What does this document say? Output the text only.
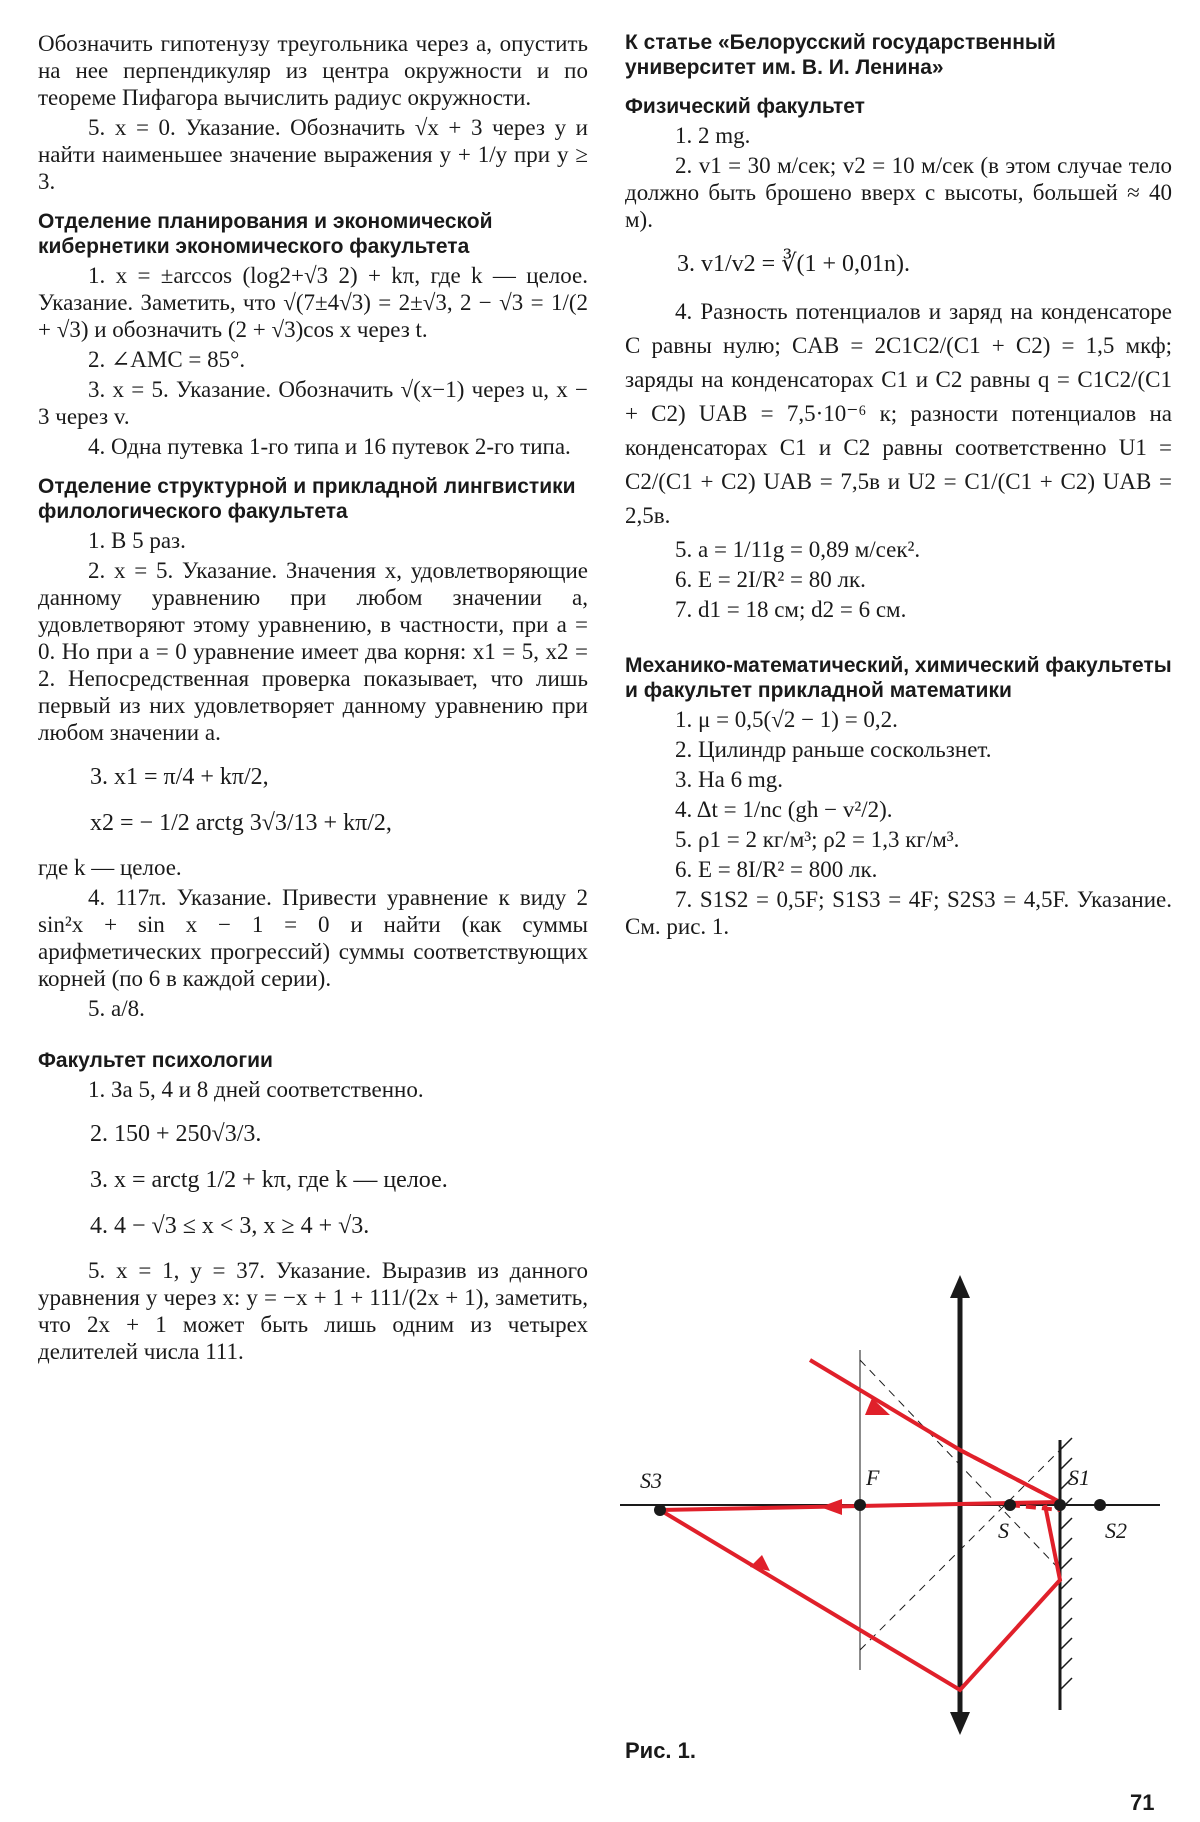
Обозначить гипотенузу треугольника через a, опустить на нее перпендикуляр из центра окружности и по теореме Пифагора вычислить радиус окружности.

5. x = 0. Указание. Обозначить √x + 3 через y и найти наименьшее значение выражения y + 1/y при y ≥ 3.

Отделение планирования и экономической кибернетики экономического факультета

1. x = ±arccos (log2+√3 2) + kπ, где k — целое. Указание. Заметить, что √(7±4√3) = 2±√3, 2 − √3 = 1/(2 + √3) и обозначить (2 + √3)cos x через t.

2. ∠AMC = 85°.

3. x = 5. Указание. Обозначить √(x−1) через u, x − 3 через v.

4. Одна путевка 1-го типа и 16 путевок 2-го типа.

Отделение структурной и прикладной лингвистики филологического факультета

1. В 5 раз.

2. x = 5. Указание. Значения x, удовлетворяющие данному уравнению при любом значении a, удовлетворяют этому уравнению, в частности, при a = 0. Но при a = 0 уравнение имеет два корня: x1 = 5, x2 = 2. Непосредственная проверка показывает, что лишь первый из них удовлетворяет данному уравнению при любом значении a.

3. x1 = π/4 + kπ/2,
x2 = − 1/2 arctg 3√3/13 + kπ/2,

где k — целое.

4. 117π. Указание. Привести уравнение к виду 2 sin²x + sin x − 1 = 0 и найти (как суммы арифметических прогрессий) суммы соответствующих корней (по 6 в каждой серии).

5. a/8.

Факультет психологии

1. За 5, 4 и 8 дней соответственно.

2. 150 + 250√3/3.
3. x = arctg 1/2 + kπ, где k — целое.
4. 4 − √3 ≤ x < 3, x ≥ 4 + √3.

5. x = 1, y = 37. Указание. Выразив из данного уравнения y через x: y = −x + 1 + 111/(2x + 1), заметить, что 2x + 1 может быть лишь одним из четырех делителей числа 111.

К статье «Белорусский государственный университет им. В. И. Ленина»
Физический факультет

1. 2 mg.

2. v1 = 30 м/сек; v2 = 10 м/сек (в этом случае тело должно быть брошено вверх с высоты, большей ≈ 40 м).

3. v1/v2 = ∛(1 + 0,01n).

4. Разность потенциалов и заряд на конденсаторе C равны нулю; CAB = 2C1C2/(C1 + C2) = 1,5 мкф; заряды на конденсаторах C1 и C2 равны q = C1C2/(C1 + C2) UAB = 7,5·10⁻⁶ к; разности потенциалов на конденсаторах C1 и C2 равны соответственно U1 = C2/(C1 + C2) UAB = 7,5в и U2 = C1/(C1 + C2) UAB = 2,5в.

5. a = 1/11g = 0,89 м/сек².

6. E = 2I/R² = 80 лк.

7. d1 = 18 см; d2 = 6 см.

Механико-математический, химический факультеты и факультет прикладной математики

1. μ = 0,5(√2 − 1) = 0,2.

2. Цилиндр раньше соскользнет.

3. На 6 mg.

4. Δt = 1/nc (gh − v²/2).

5. ρ1 = 2 кг/м³; ρ2 = 1,3 кг/м³.

6. E = 8I/R² = 800 лк.

7. S1S2 = 0,5F; S1S3 = 4F; S2S3 = 4,5F. Указание. См. рис. 1.

S3	F
S
S1
S2
Рис. 1.
71
